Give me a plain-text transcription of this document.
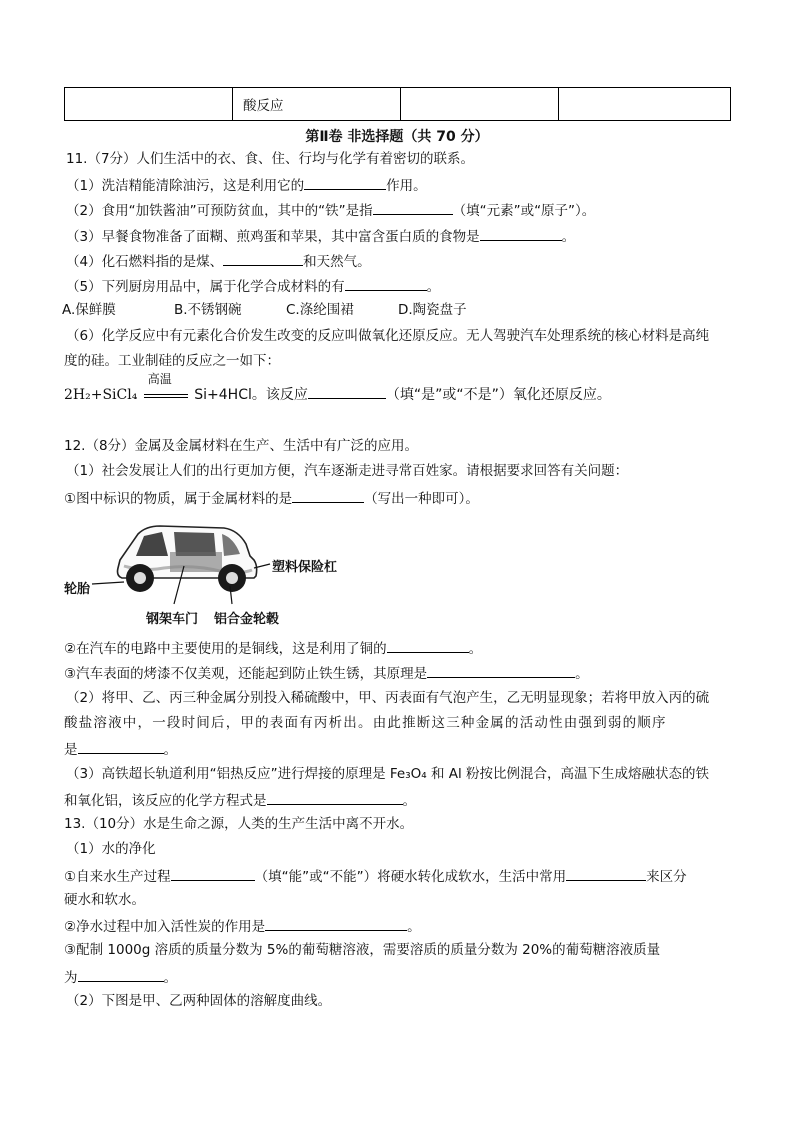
	酸反应		
第Ⅱ卷 非选择题（共 70 分）
11.（7分）人们生活中的衣、食、住、行均与化学有着密切的联系。
（1）洗洁精能清除油污，这是利用它的	作用。
（2）食用“加铁酱油”可预防贫血，其中的“铁”是指	（填“元素”或“原子”）。
（3）早餐食物准备了面糊、煎鸡蛋和苹果，其中富含蛋白质的食物是	。
（4）化石燃料指的是煤、	和天然气。
（5）下列厨房用品中，属于化学合成材料的有	。
A.保鲜膜	B.不锈钢碗	C.涤纶围裙	D.陶瓷盘子
（6）化学反应中有元素化合价发生改变的反应叫做氧化还原反应。无人驾驶汽车处理系统的核心材料是高纯
度的硅。工业制硅的反应之一如下：
2H₂+SiCl₄
高温
Si+4HCl。该反应	（填“是”或“不是”）氧化还原反应。
12.（8分）金属及金属材料在生产、生活中有广泛的应用。
（1）社会发展让人们的出行更加方便，汽车逐渐走进寻常百姓家。请根据要求回答有关问题：
①图中标识的物质，属于金属材料的是	（写出一种即可）。
塑料保险杠
轮胎
钢架车门 铝合金轮毂
②在汽车的电路中主要使用的是铜线，这是利用了铜的	。
③汽车表面的烤漆不仅美观，还能起到防止铁生锈，其原理是	。
（2）将甲、乙、丙三种金属分别投入稀硫酸中，甲、丙表面有气泡产生，乙无明显现象；若将甲放入丙的硫
酸盐溶液中，一段时间后，甲的表面有丙析出。由此推断这三种金属的活动性由强到弱的顺序
是	。
（3）高铁超长轨道利用“铝热反应”进行焊接的原理是 Fe₃O₄ 和 Al 粉按比例混合，高温下生成熔融状态的铁
和氧化铝，该反应的化学方程式是	。
13.（10分）水是生命之源，人类的生产生活中离不开水。
（1）水的净化
①自来水生产过程	（填“能”或“不能”）将硬水转化成软水，生活中常用	来区分
硬水和软水。
②净水过程中加入活性炭的作用是	。
③配制 1000g 溶质的质量分数为 5%的葡萄糖溶液，需要溶质的质量分数为 20%的葡萄糖溶液质量
为	。
（2）下图是甲、乙两种固体的溶解度曲线。
